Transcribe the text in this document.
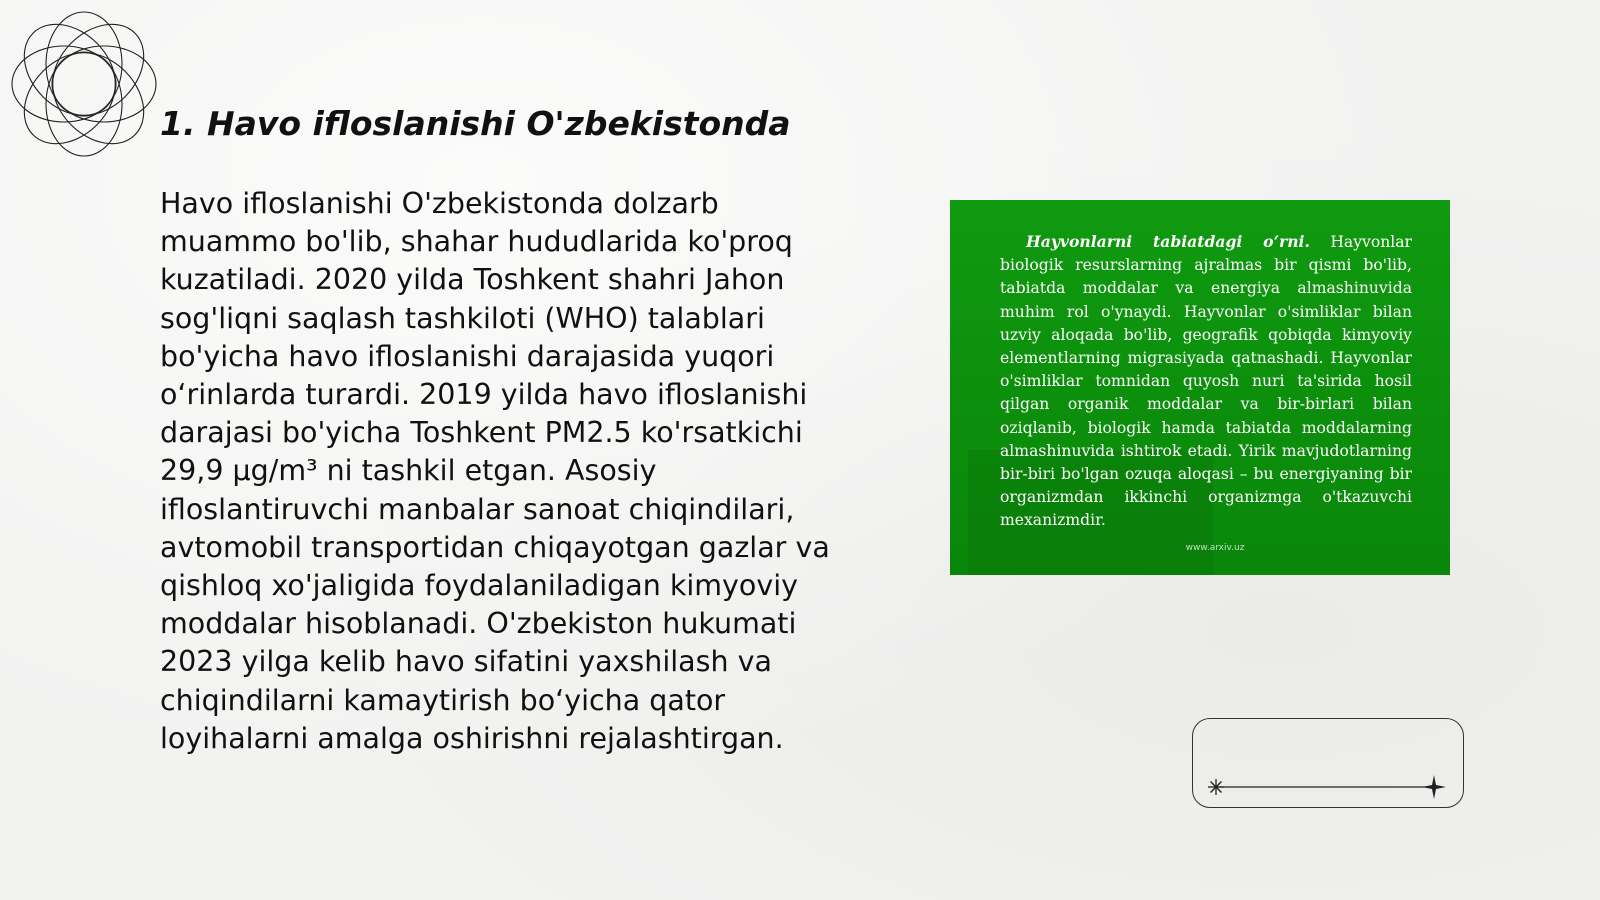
1. Havo ifloslanishi O'zbekistonda

Havo ifloslanishi O'zbekistonda dolzarb muammo bo'lib, shahar hududlarida ko'proq kuzatiladi. 2020 yilda Toshkent shahri Jahon sog'liqni saqlash tashkiloti (WHO) talablari bo'yicha havo ifloslanishi darajasida yuqori o‘rinlarda turardi. 2019 yilda havo ifloslanishi darajasi bo'yicha Toshkent PM2.5 ko'rsatkichi 29,9 µg/m³ ni tashkil etgan. Asosiy ifloslantiruvchi manbalar sanoat chiqindilari, avtomobil transportidan chiqayotgan gazlar va qishloq xo'jaligida foydalaniladigan kimyoviy moddalar hisoblanadi. O'zbekiston hukumati 2023 yilga kelib havo sifatini yaxshilash va chiqindilarni kamaytirish bo‘yicha qator loyihalarni amalga oshirishni rejalashtirgan.

Hayvonlarni tabiatdagi o‘rni. Hayvonlar biologik resurslarning ajralmas bir qismi bo'lib, tabiatda moddalar va energiya almashinuvida muhim rol o'ynaydi. Hayvonlar o'simliklar bilan uzviy aloqada bo'lib, geografik qobiqda kimyoviy elementlarning migrasiyada qatnashadi. Hayvonlar o'simliklar tomnidan quyosh nuri ta'sirida hosil qilgan organik moddalar va bir-birlari bilan oziqlanib, biologik hamda tabiatda moddalarning almashinuvida ishtirok etadi. Yirik mavjudotlarning bir-biri bo'lgan ozuqa aloqasi – bu energiyaning bir organizmdan ikkinchi organizmga o'tkazuvchi mexanizmdir.

www.arxiv.uz
